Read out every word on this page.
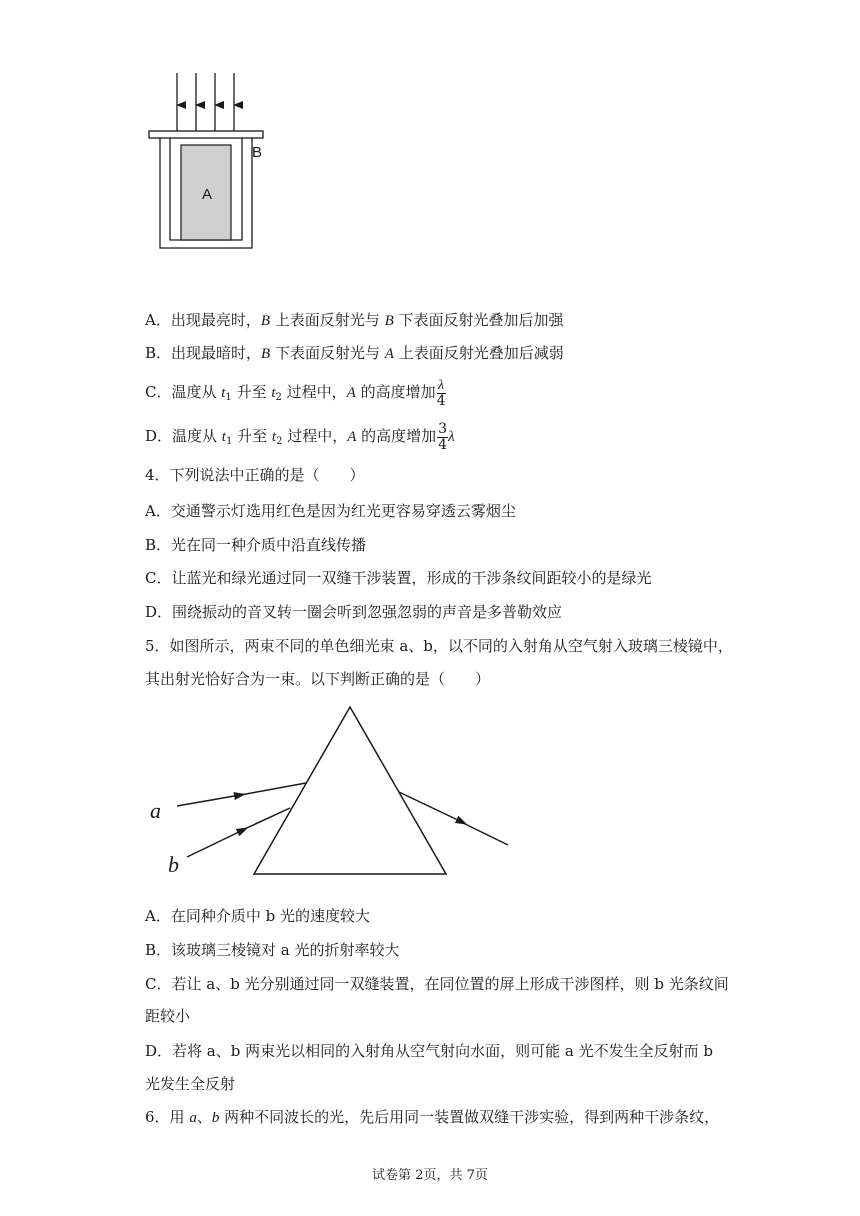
B
A
A．出现最亮时，B 上表面反射光与 B 下表面反射光叠加后加强
B．出现最暗时，B 下表面反射光与 A 上表面反射光叠加后减弱
C．温度从 $t_1$ 升至 $t_2$ 过程中，A 的高度增加 $\frac{\lambda}{4}$
D．温度从 $t_1$ 升至 $t_2$ 过程中，A 的高度增加 $\frac{3}{4}$ λ
4．下列说法中正确的是（　　）
A．交通警示灯选用红色是因为红光更容易穿透云雾烟尘
B．光在同一种介质中沿直线传播
C．让蓝光和绿光通过同一双缝干涉装置，形成的干涉条纹间距较小的是绿光
D．围绕振动的音叉转一圈会听到忽强忽弱的声音是多普勒效应
5．如图所示，两束不同的单色细光束 a、b，以不同的入射角从空气射入玻璃三棱镜中，
其出射光恰好合为一束。以下判断正确的是（　　）
a
b
A．在同种介质中 b 光的速度较大
B．该玻璃三棱镜对 a 光的折射率较大
C．若让 a、b 光分别通过同一双缝装置，在同位置的屏上形成干涉图样，则 b 光条纹间
距较小
D．若将 a、b 两束光以相同的入射角从空气射向水面，则可能 a 光不发生全反射而 b
光发生全反射
6．用 a、b 两种不同波长的光，先后用同一装置做双缝干涉实验，得到两种干涉条纹，
试卷第 2页，共 7页
